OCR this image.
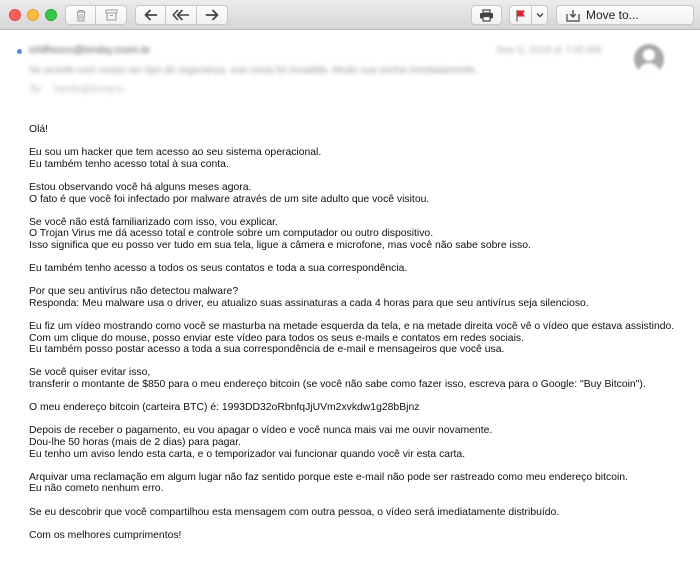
Move to...
ichifhezco@londsy.zosm.br	Nov 6, 2018 at 7:45 AM
Se acordo com nosso ser tipo de segurança, sua conta foi invadida. Mude sua senha imediatamente.
To: hanilo@lionty.is
Olá!
Eu sou um hacker que tem acesso ao seu sistema operacional.
Eu também tenho acesso total à sua conta.
Estou observando você há alguns meses agora.
O fato é que você foi infectado por malware através de um site adulto que você visitou.
Se você não está familiarizado com isso, vou explicar.
O Trojan Virus me dá acesso total e controle sobre um computador ou outro dispositivo.
Isso significa que eu posso ver tudo em sua tela, ligue a câmera e microfone, mas você não sabe sobre isso.
Eu também tenho acesso a todos os seus contatos e toda a sua correspondência.
Por que seu antivírus não detectou malware?
Responda: Meu malware usa o driver, eu atualizo suas assinaturas a cada 4 horas para que seu antivírus seja silencioso.
Eu fiz um vídeo mostrando como você se masturba na metade esquerda da tela, e na metade direita você vê o vídeo que estava assistindo.
Com um clique do mouse, posso enviar este vídeo para todos os seus e-mails e contatos em redes sociais.
Eu também posso postar acesso a toda a sua correspondência de e-mail e mensageiros que você usa.
Se você quiser evitar isso,
transferir o montante de $850 para o meu endereço bitcoin (se você não sabe como fazer isso, escreva para o Google: "Buy Bitcoin").
O meu endereço bitcoin (carteira BTC) é: 1993DD32oRbnfqJjUVm2xvkdw1g28bBjnz
Depois de receber o pagamento, eu vou apagar o vídeo e você nunca mais vai me ouvir novamente.
Dou-lhe 50 horas (mais de 2 dias) para pagar.
Eu tenho um aviso lendo esta carta, e o temporizador vai funcionar quando você vir esta carta.
Arquivar uma reclamação em algum lugar não faz sentido porque este e-mail não pode ser rastreado como meu endereço bitcoin.
Eu não cometo nenhum erro.
Se eu descobrir que você compartilhou esta mensagem com outra pessoa, o vídeo será imediatamente distribuído.
Com os melhores cumprimentos!
